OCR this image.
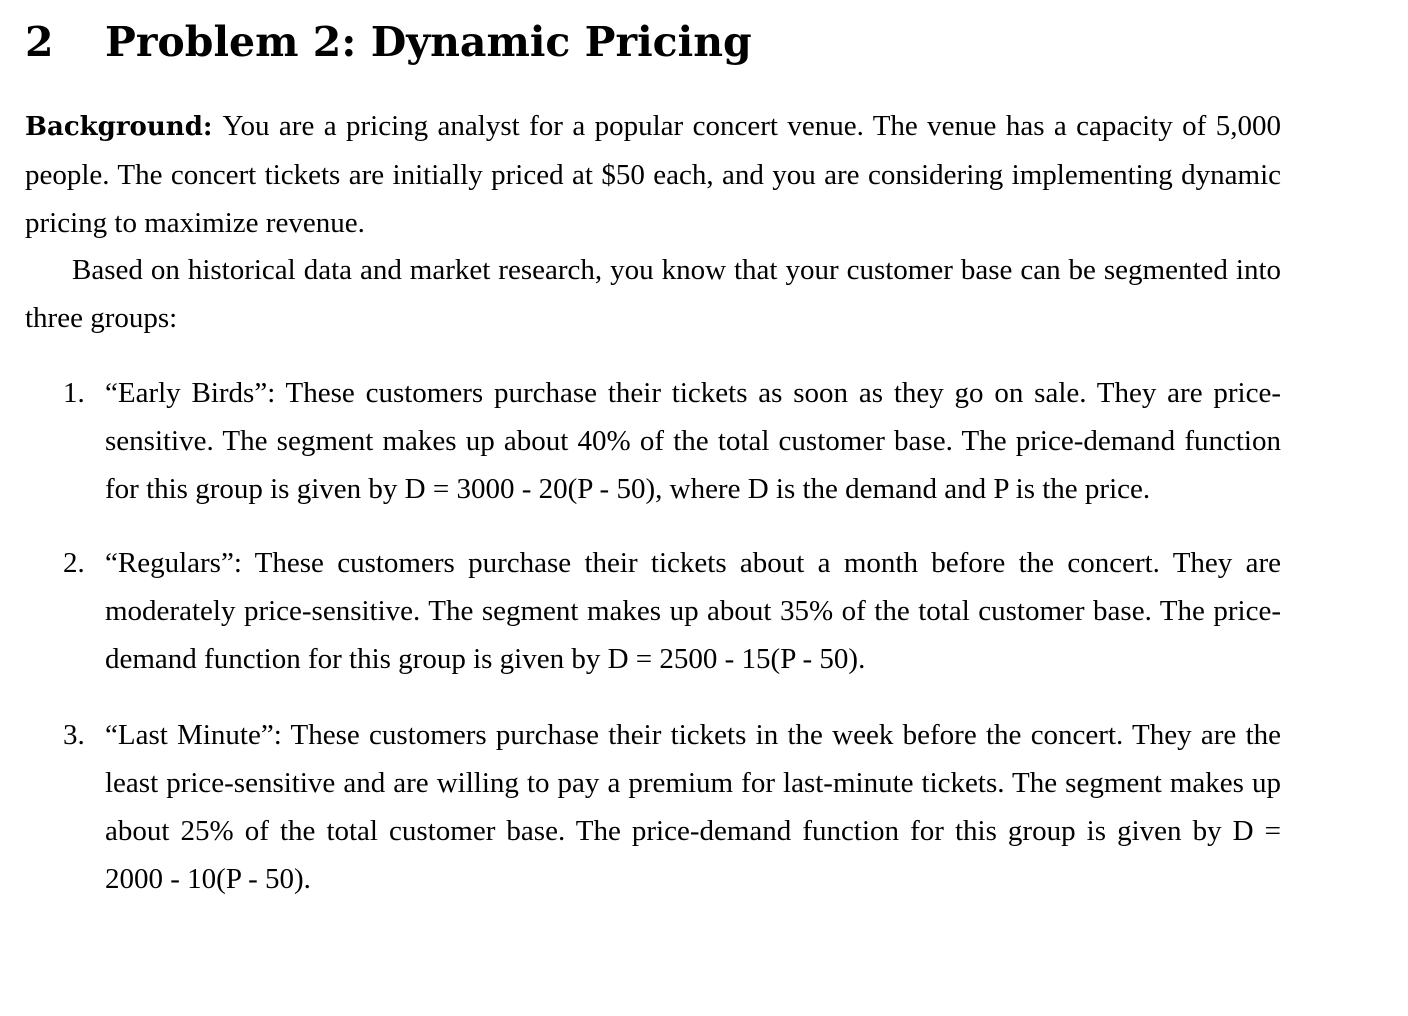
2 Problem 2: Dynamic Pricing

Background: You are a pricing analyst for a popular concert venue. The venue has a capacity of 5,000 people. The concert tickets are initially priced at $50 each, and you are considering implementing dynamic pricing to maximize revenue.

Based on historical data and market research, you know that your customer base can be segmented into three groups:

1. “Early Birds”: These customers purchase their tickets as soon as they go on sale. They are price-sensitive. The segment makes up about 40% of the total customer base. The price-demand function for this group is given by D = 3000 - 20(P - 50), where D is the demand and P is the price.
2. “Regulars”: These customers purchase their tickets about a month before the concert. They are moderately price-sensitive. The segment makes up about 35% of the total customer base. The price-demand function for this group is given by D = 2500 - 15(P - 50).
3. “Last Minute”: These customers purchase their tickets in the week before the concert. They are the least price-sensitive and are willing to pay a premium for last-minute tickets. The segment makes up about 25% of the total customer base. The price-demand function for this group is given by D = 2000 - 10(P - 50).
